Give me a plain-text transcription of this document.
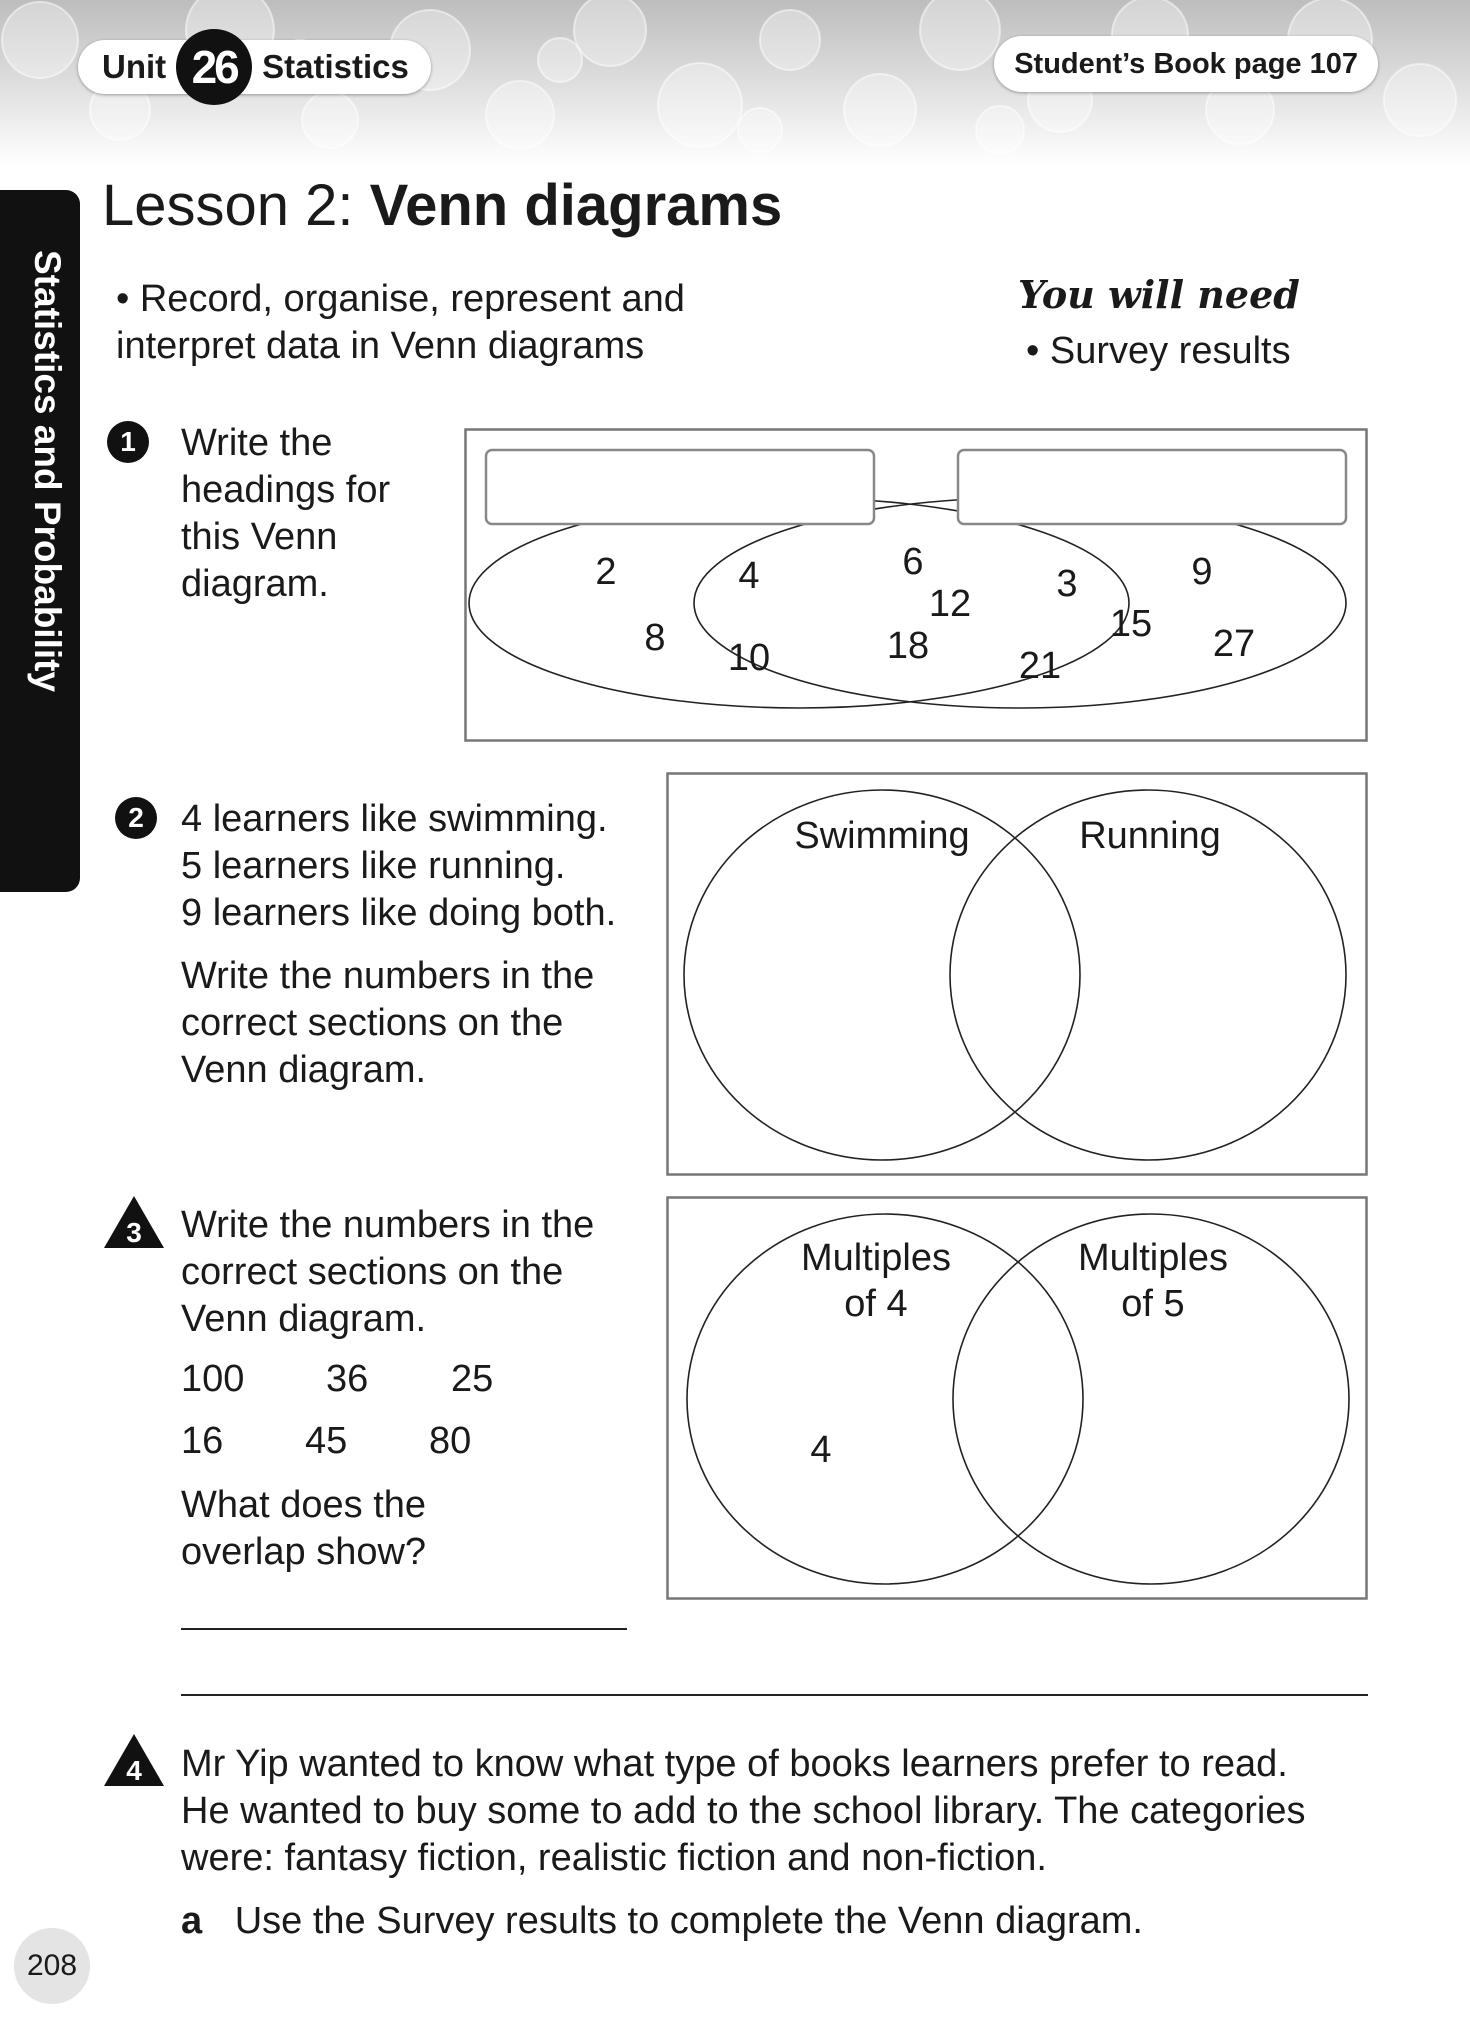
Unit 26 Statistics	Student’s Book page 107
Statistics and Probability
Lesson 2: Venn diagrams
• Record, organise, represent and interpret data in Venn diagrams
You will need
• Survey results
1	Write the

headings for

this Venn

diagram.	2	4
8 10
6
12
18
3	9
15 27
21
2 4 learners like swimming.

5 learners like running.

9 learners like doing both.

Write the numbers in the

correct sections on the

Venn diagram.

Swimming	Running
3 Write the numbers in the

correct sections on the

Venn diagram.

100 36 25
16 45 80

What does the

overlap show?

Multiples
of 4
Multiples
of 5
4
4 Mr Yip wanted to know what type of books learners prefer to read.

He wanted to buy some to add to the school library. The categories

were: fantasy fiction, realistic fiction and non-fiction.

a Use the Survey results to complete the Venn diagram.
208
